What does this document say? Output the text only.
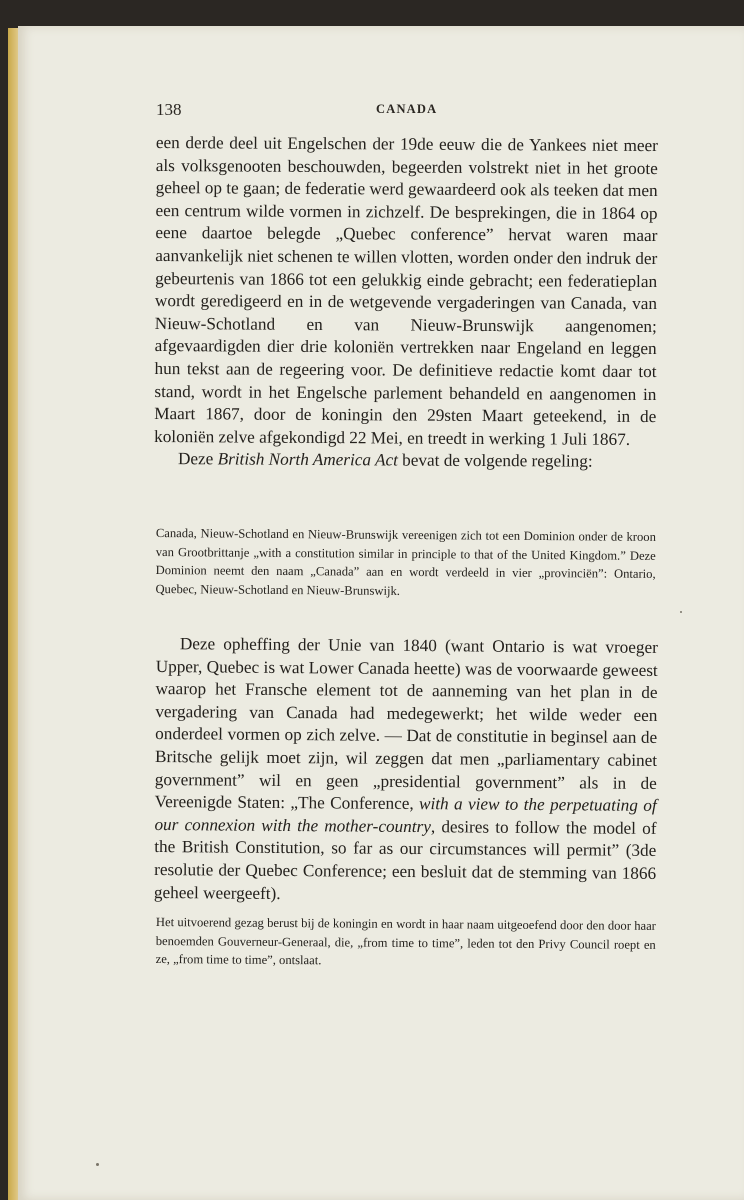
138	CANADA

een derde deel uit Engelschen der 19de eeuw die de Yankees niet meer als volksgenooten beschouwden, begeerden volstrekt niet in het groote geheel op te gaan; de federatie werd gewaardeerd ook als teeken dat men een centrum wilde vormen in zichzelf. De besprekingen, die in 1864 op eene daartoe belegde „Quebec conference” hervat waren maar aanvankelijk niet schenen te willen vlotten, worden onder den indruk der gebeurtenis van 1866 tot een gelukkig einde gebracht; een federatieplan wordt geredigeerd en in de wetgevende vergaderingen van Canada, van Nieuw-Schotland en van Nieuw-Brunswijk aangenomen; afgevaardigden dier drie koloniën vertrekken naar Engeland en leggen hun tekst aan de regeering voor. De definitieve redactie komt daar tot stand, wordt in het Engelsche parlement behandeld en aangenomen in Maart 1867, door de koningin den 29sten Maart geteekend, in de koloniën zelve afgekondigd 22 Mei, en treedt in werking 1 Juli 1867.

Deze British North America Act bevat de volgende regeling:

Canada, Nieuw-Schotland en Nieuw-Brunswijk vereenigen zich tot een Dominion onder de kroon van Grootbrittanje „with a constitution similar in principle to that of the United Kingdom.” Deze Dominion neemt den naam „Canada” aan en wordt verdeeld in vier „provinciën”: Ontario, Quebec, Nieuw-Schotland en Nieuw-Brunswijk.

Deze opheffing der Unie van 1840 (want Ontario is wat vroeger Upper, Quebec is wat Lower Canada heette) was de voorwaarde geweest waarop het Fransche element tot de aanneming van het plan in de vergadering van Canada had medegewerkt; het wilde weder een onderdeel vormen op zich zelve. — Dat de constitutie in beginsel aan de Britsche gelijk moet zijn, wil zeggen dat men „parliamentary cabinet government” wil en geen „presidential government” als in de Vereenigde Staten: „The Conference, with a view to the perpetuating of our connexion with the mother-country, desires to follow the model of the British Constitution, so far as our circumstances will permit” (3de resolutie der Quebec Conference; een besluit dat de stemming van 1866 geheel weergeeft).

Het uitvoerend gezag berust bij de koningin en wordt in haar naam uitgeoefend door den door haar benoemden Gouverneur-Generaal, die, „from time to time”, leden tot den Privy Council roept en ze, „from time to time”, ontslaat.
